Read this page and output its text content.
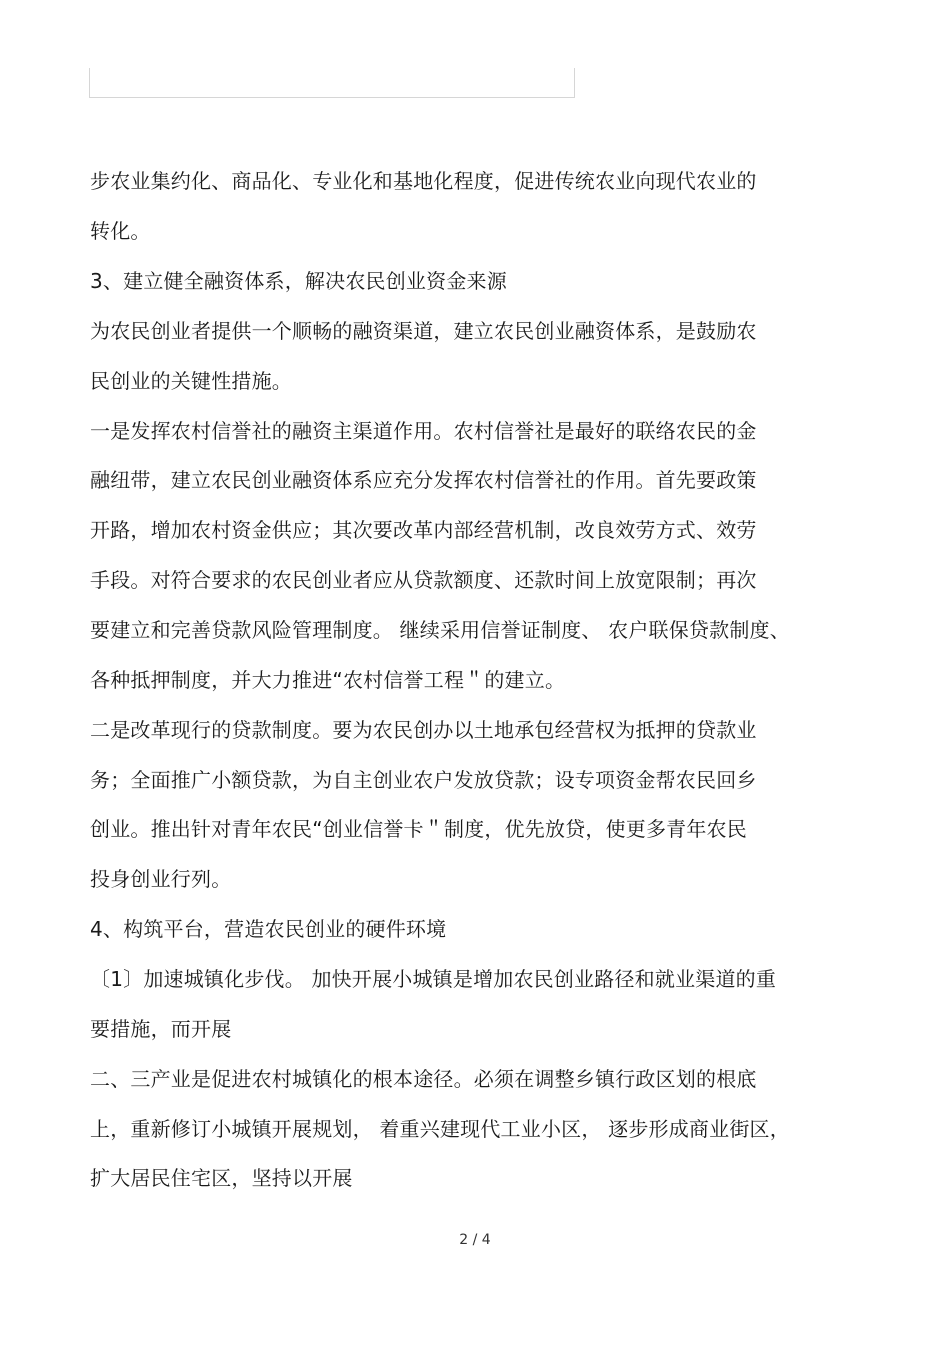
步农业集约化、商品化、专业化和基地化程度，促进传统农业向现代农业的
转化。
3、建立健全融资体系，解决农民创业资金来源
为农民创业者提供一个顺畅的融资渠道，建立农民创业融资体系，是鼓励农
民创业的关键性措施。
一是发挥农村信誉社的融资主渠道作用。农村信誉社是最好的联络农民的金
融纽带，建立农民创业融资体系应充分发挥农村信誉社的作用。首先要政策
开路，增加农村资金供应；其次要改革内部经营机制，改良效劳方式、效劳
手段。对符合要求的农民创业者应从贷款额度、还款时间上放宽限制；再次
要建立和完善贷款风险管理制度。 继续采用信誉证制度、 农户联保贷款制度、
各种抵押制度，并大力推进“农村信誉工程＂的建立。
二是改革现行的贷款制度。要为农民创办以土地承包经营权为抵押的贷款业
务；全面推广小额贷款，为自主创业农户发放贷款；设专项资金帮农民回乡
创业。推出针对青年农民“创业信誉卡＂制度，优先放贷，使更多青年农民
投身创业行列。
4、构筑平台，营造农民创业的硬件环境
〔1〕加速城镇化步伐。 加快开展小城镇是增加农民创业路径和就业渠道的重
要措施，而开展
二、三产业是促进农村城镇化的根本途径。必须在调整乡镇行政区划的根底
上，重新修订小城镇开展规划， 着重兴建现代工业小区， 逐步形成商业街区，
扩大居民住宅区，坚持以开展
2 / 4
